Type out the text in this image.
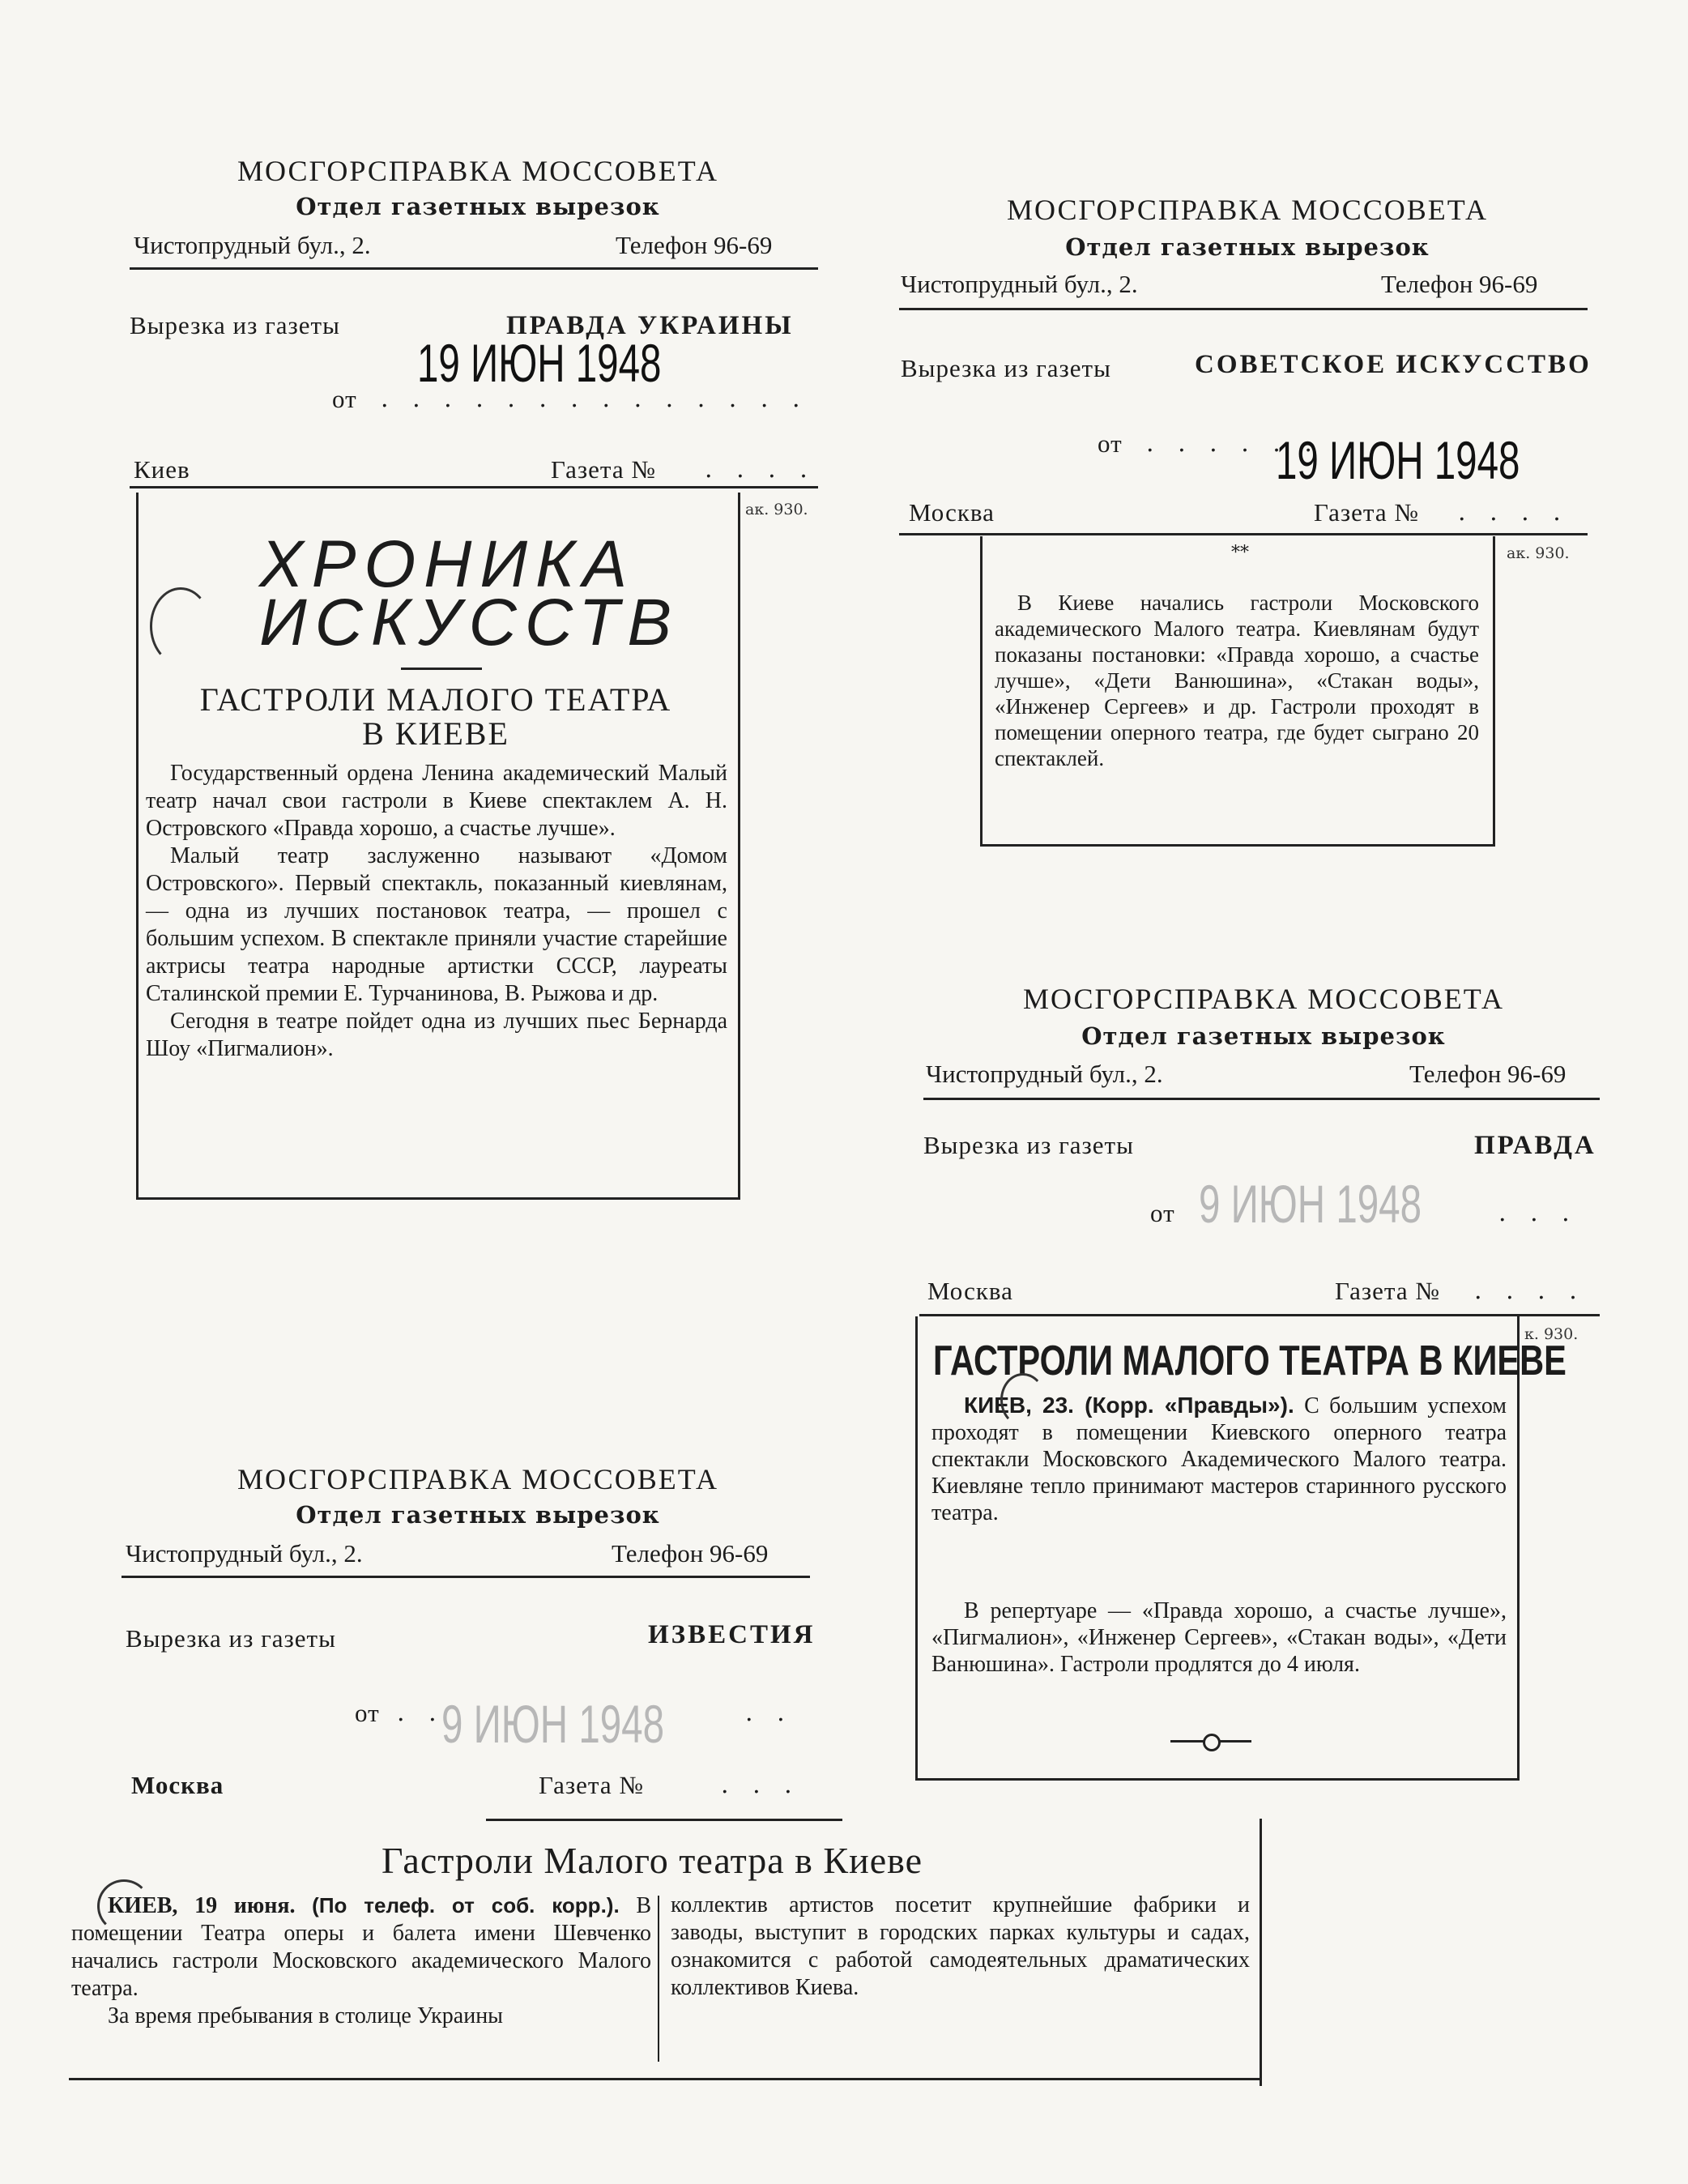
МОСГОРСПРАВКА МОССОВЕТА
Отдел газетных вырезок
Чистопрудный бул., 2.	Телефон 96-69
Вырезка из газеты	ПРАВДА УКРАИНЫ
19 ИЮН 1948
от . . . . . . . . . . . . . .
Киев	Газета № . . . .
ак. 930.
ХРОНИКА
ИСКУССТВ
ГАСТРОЛИ МАЛОГО ТЕАТРА
В КИЕВЕ

Государственный ордена Ленина академический Малый театр начал свои гастроли в Киеве спектаклем А. Н. Островского «Правда хорошо, а счастье лучше».

Малый театр заслуженно называют «Домом Островского». Первый спектакль, показанный киевлянам, — одна из лучших постановок театра, — прошел с большим успехом. В спектакле приняли участие старейшие актрисы театра народные артистки СССР, лауреаты Сталинской премии Е. Турчанинова, В. Рыжова и др.

Сегодня в театре пойдет одна из лучших пьес Бернарда Шоу «Пигмалион».

МОСГОРСПРАВКА МОССОВЕТА
Отдел газетных вырезок
Чистопрудный бул., 2.	Телефон 96-69
Вырезка из газеты	СОВЕТСКОЕ ИСКУССТВО
от . . . . . .
19 ИЮН 1948
Москва	Газета № . . . .
ак. 930.
**
В Киеве начались гастроли Московского академического Малого театра. Киевлянам будут показаны постановки: «Правда хорошо, а счастье лучше», «Дети Ванюшина», «Стакан воды», «Инженер Сергеев» и др. Гастроли проходят в помещении оперного театра, где будет сыграно 20 спектаклей.
МОСГОРСПРАВКА МОССОВЕТА
Отдел газетных вырезок
Чистопрудный бул., 2.	Телефон 96-69
Вырезка из газеты	ПРАВДА
от 9 ИЮН 1948	. . .
Москва	Газета № . . . .
к. 930.
ГАСТРОЛИ МАЛОГО ТЕАТРА В КИЕВЕ
КИЕВ, 23. (Корр. «Правды»). С большим успехом проходят в помещении Киевского оперного театра спектакли Московского Академического Малого театра. Киевляне тепло принимают мастеров старинного русского театра.
В репертуаре — «Правда хорошо, а счастье лучше», «Пигмалион», «Инженер Сергеев», «Стакан воды», «Дети Ванюшина». Гастроли продлятся до 4 июля.
МОСГОРСПРАВКА МОССОВЕТА
Отдел газетных вырезок
Чистопрудный бул., 2.	Телефон 96-69
Вырезка из газеты	ИЗВЕСТИЯ
от . .
9 ИЮН 1948	. .
Москва	Газета №	. . .
Гастроли Малого театра в Киеве
КИЕВ, 19 июня. (По телеф. от соб. корр.). В помещении Театра оперы и балета имени Шевченко начались гастроли Московского академического Малого театра.
За время пребывания в столице Украины
коллектив артистов посетит крупнейшие фабрики и заводы, выступит в городских парках культуры и садах, ознакомится с работой самодеятельных драматических коллективов Киева.
